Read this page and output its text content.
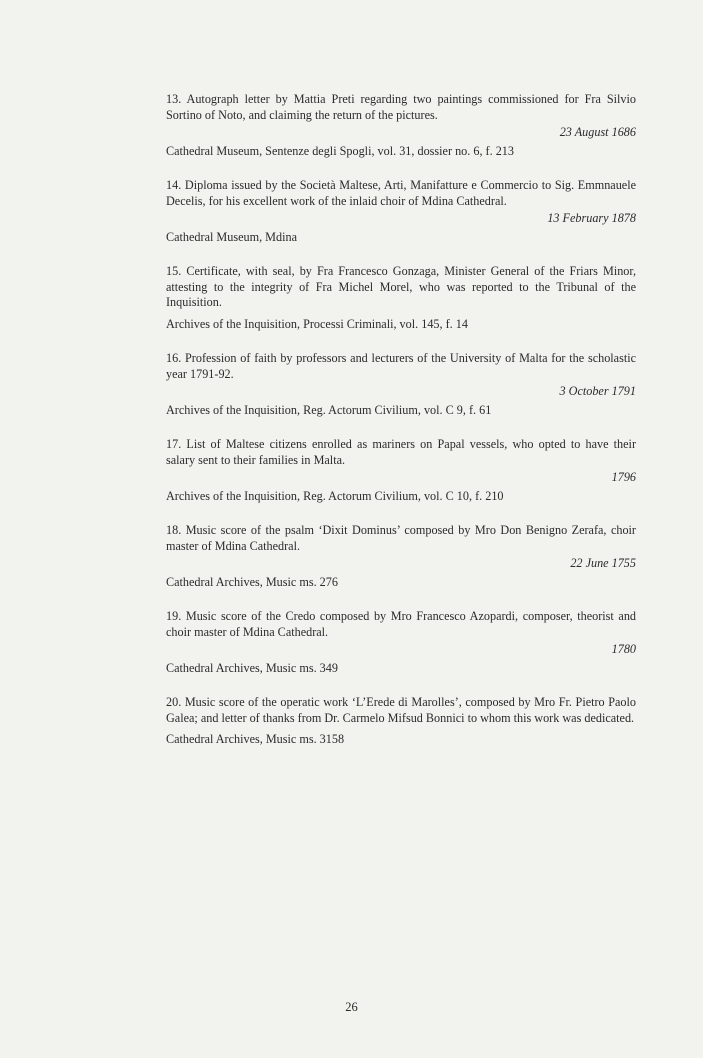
13. Autograph letter by Mattia Preti regarding two paintings commissioned for Fra Silvio Sortino of Noto, and claiming the return of the pictures.

23 August 1686

Cathedral Museum, Sentenze degli Spogli, vol. 31, dossier no. 6, f. 213

14. Diploma issued by the Società Maltese, Arti, Manifatture e Commercio to Sig. Emmnauele Decelis, for his excellent work of the inlaid choir of Mdina Cathedral.

13 February 1878

Cathedral Museum, Mdina

15. Certificate, with seal, by Fra Francesco Gonzaga, Minister General of the Friars Minor, attesting to the integrity of Fra Michel Morel, who was reported to the Tribunal of the Inquisition.

Archives of the Inquisition, Processi Criminali, vol. 145, f. 14

16. Profession of faith by professors and lecturers of the University of Malta for the scholastic year 1791-92.

3 October 1791

Archives of the Inquisition, Reg. Actorum Civilium, vol. C 9, f. 61

17. List of Maltese citizens enrolled as mariners on Papal vessels, who opted to have their salary sent to their families in Malta.

1796

Archives of the Inquisition, Reg. Actorum Civilium, vol. C 10, f. 210

18. Music score of the psalm ‘Dixit Dominus’ composed by Mro Don Benigno Zerafa, choir master of Mdina Cathedral.

22 June 1755

Cathedral Archives, Music ms. 276

19. Music score of the Credo composed by Mro Francesco Azopardi, composer, theorist and choir master of Mdina Cathedral.

1780

Cathedral Archives, Music ms. 349

20. Music score of the operatic work ‘L’Erede di Marolles’, composed by Mro Fr. Pietro Paolo Galea; and letter of thanks from Dr. Carmelo Mifsud Bonnici to whom this work was dedicated.

Cathedral Archives, Music ms. 3158

26
